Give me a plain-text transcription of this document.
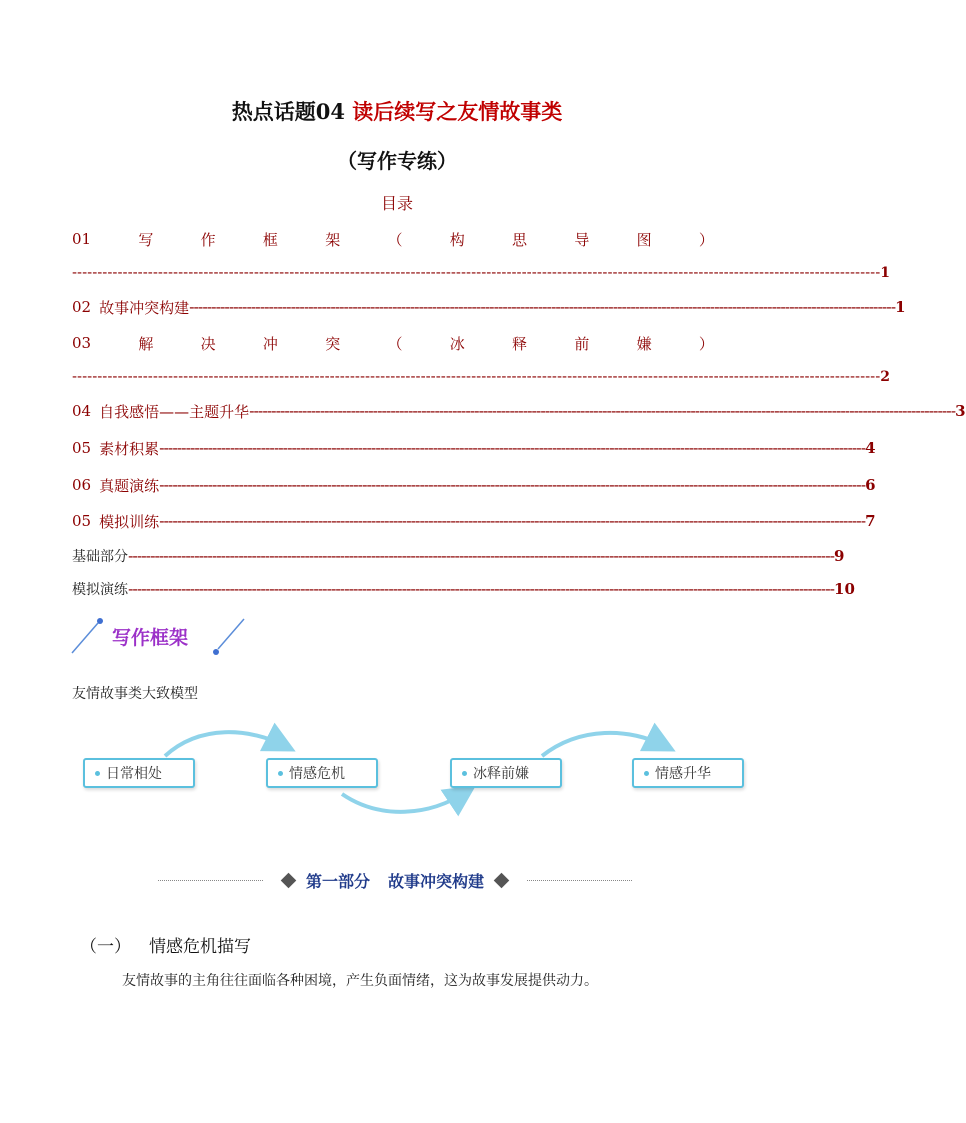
热点话题04 读后续写之友情故事类
（写作专练）
目录
01	写	作	框	架	（	构	思	导	图	）
---------------------------------------------------------------------------------------------------------------------------------------------------------------- 1
02 故事冲突构建 ---------------------------------------------------------------------------------------------------------------------------------------------------------------- 1
03	解	决	冲	突	（	冰	释	前	嫌	）
---------------------------------------------------------------------------------------------------------------------------------------------------------------- 2
04 自我感悟——主题升华 ---------------------------------------------------------------------------------------------------------------------------------------------------------------- 3
05 素材积累 ---------------------------------------------------------------------------------------------------------------------------------------------------------------- 4
06 真题演练 ---------------------------------------------------------------------------------------------------------------------------------------------------------------- 6
05 模拟训练 ---------------------------------------------------------------------------------------------------------------------------------------------------------------- 7
基础部分 ---------------------------------------------------------------------------------------------------------------------------------------------------------------- 9
模拟演练 ---------------------------------------------------------------------------------------------------------------------------------------------------------------- 10
写作框架
友情故事类大致模型
日常相处	情感危机	冰释前嫌	情感升华
第一部分 故事冲突构建
（一） 情感危机描写
友情故事的主角往往面临各种困境，产生负面情绪，这为故事发展提供动力。
